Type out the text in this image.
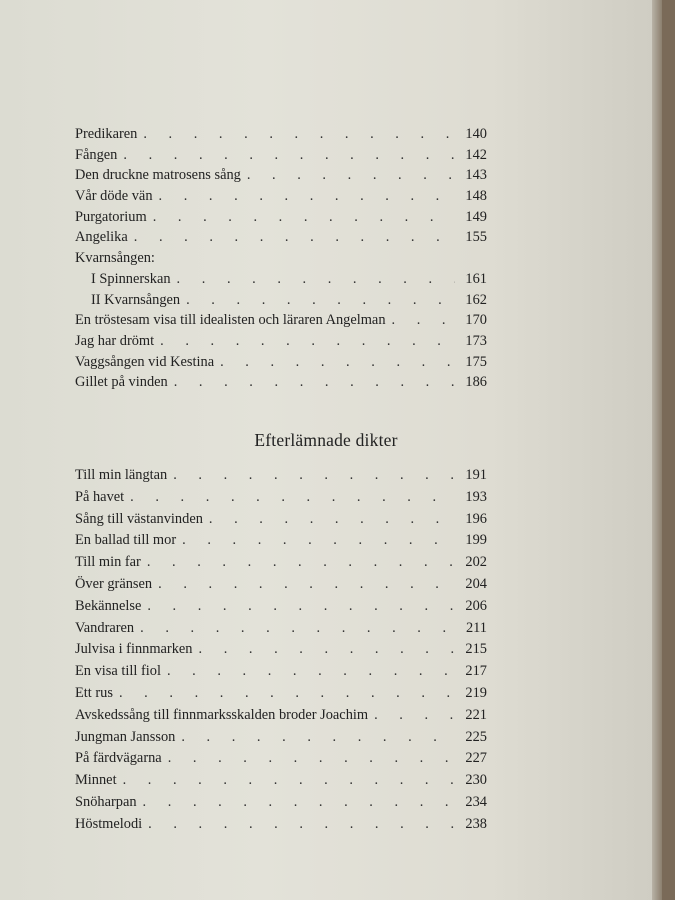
Predikaren . . .	140
Fången . . .	142
Den druckne matrosens sång . . .	143
Vår döde vän . . .	148
Purgatorium . . .	149
Angelika . . .	155
Kvarnsången:
I Spinnerskan . . .	161
II Kvarnsången . . .	162
En tröstesam visa till idealisten och läraren Angelman . . .	170
Jag har drömt . . .	173
Vaggsången vid Kestina . . .	175
Gillet på vinden . . .	186
Efterlämnade dikter
Till min längtan . . .	191
På havet . . .	193
Sång till västanvinden . . .	196
En ballad till mor . . .	199
Till min far . . .	202
Över gränsen . . .	204
Bekännelse . . .	206
Vandraren . . .	211
Julvisa i finnmarken . . .	215
En visa till fiol . . .	217
Ett rus . . .	219
Avskedssång till finnmarksskalden broder Joachim . . .	221
Jungman Jansson . . .	225
På färdvägarna . . .	227
Minnet . . .	230
Snöharpan . . .	234
Höstmelodi . . .	238
